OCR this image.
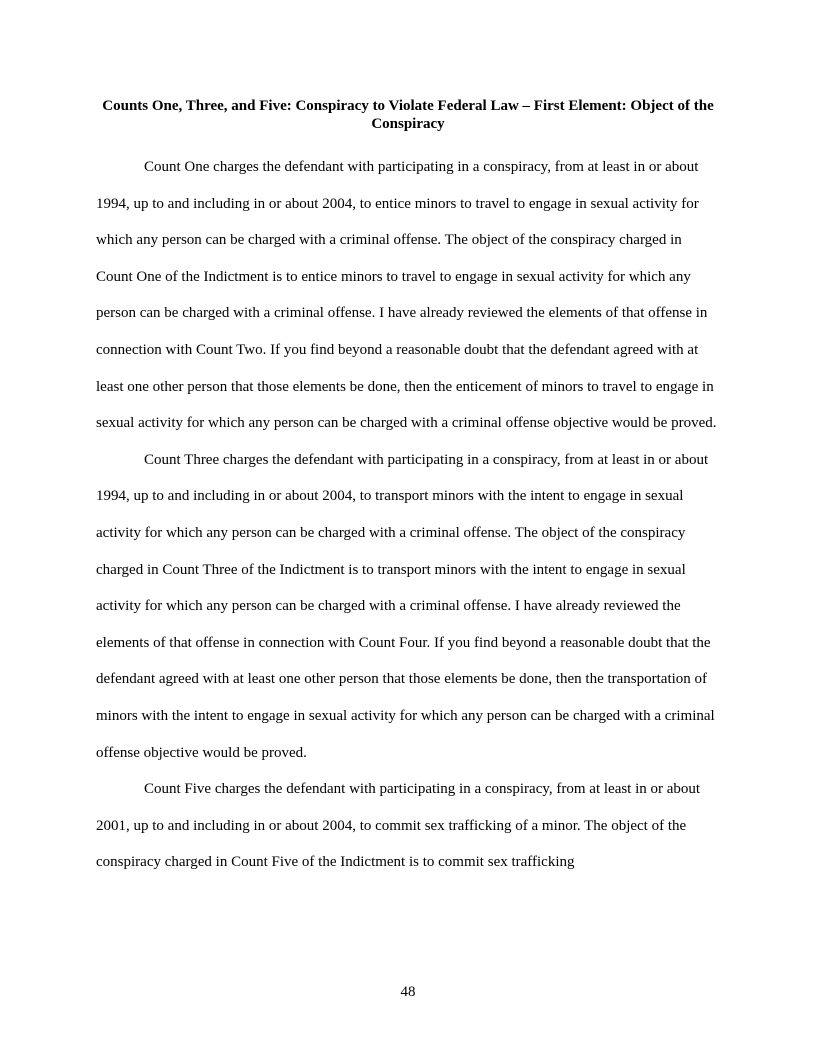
Counts One, Three, and Five: Conspiracy to Violate Federal Law – First Element: Object of the Conspiracy

Count One charges the defendant with participating in a conspiracy, from at least in or about 1994, up to and including in or about 2004, to entice minors to travel to engage in sexual activity for which any person can be charged with a criminal offense. The object of the conspiracy charged in Count One of the Indictment is to entice minors to travel to engage in sexual activity for which any person can be charged with a criminal offense. I have already reviewed the elements of that offense in connection with Count Two. If you find beyond a reasonable doubt that the defendant agreed with at least one other person that those elements be done, then the enticement of minors to travel to engage in sexual activity for which any person can be charged with a criminal offense objective would be proved.

Count Three charges the defendant with participating in a conspiracy, from at least in or about 1994, up to and including in or about 2004, to transport minors with the intent to engage in sexual activity for which any person can be charged with a criminal offense. The object of the conspiracy charged in Count Three of the Indictment is to transport minors with the intent to engage in sexual activity for which any person can be charged with a criminal offense. I have already reviewed the elements of that offense in connection with Count Four. If you find beyond a reasonable doubt that the defendant agreed with at least one other person that those elements be done, then the transportation of minors with the intent to engage in sexual activity for which any person can be charged with a criminal offense objective would be proved.

Count Five charges the defendant with participating in a conspiracy, from at least in or about 2001, up to and including in or about 2004, to commit sex trafficking of a minor. The object of the conspiracy charged in Count Five of the Indictment is to commit sex trafficking

48
